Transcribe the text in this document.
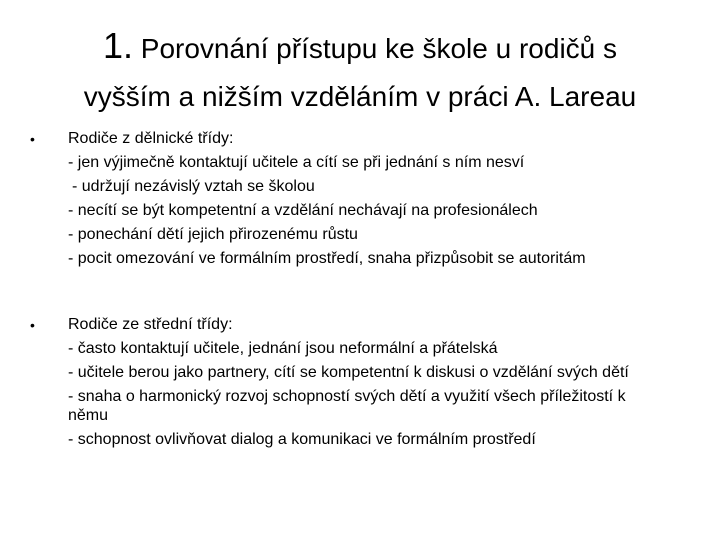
1. Porovnání přístupu ke škole u rodičů s
vyšším a nižším vzděláním v práci A. Lareau
• Rodiče z dělnické třídy:
- jen výjimečně kontaktují učitele a cítí se při jednání s ním nesví
- udržují nezávislý vztah se školou
- necítí se být kompetentní a vzdělání nechávají na profesionálech
- ponechání dětí jejich přirozenému růstu
- pocit omezování ve formálním prostředí, snaha přizpůsobit se autoritám
• Rodiče ze střední třídy:
- často kontaktují učitele, jednání jsou neformální a přátelská
- učitele berou jako partnery, cítí se kompetentní k diskusi o vzdělání svých dětí
- snaha o harmonický rozvoj schopností svých dětí a využití všech příležitostí k němu
- schopnost ovlivňovat dialog a komunikaci ve formálním prostředí
